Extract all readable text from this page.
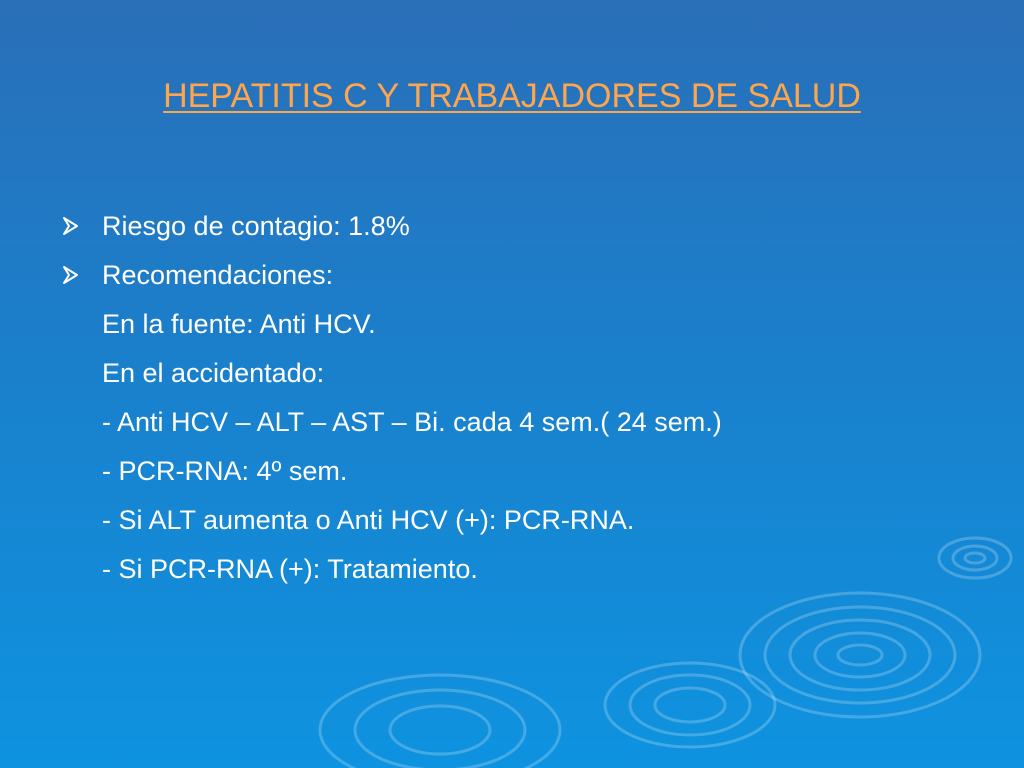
HEPATITIS C Y TRABAJADORES DE SALUD
Riesgo de contagio: 1.8%
Recomendaciones:
En la fuente: Anti HCV.
En el accidentado:
- Anti HCV – ALT – AST – Bi. cada 4 sem.( 24 sem.)
- PCR-RNA: 4º sem.
- Si ALT aumenta o Anti HCV (+): PCR-RNA.
- Si PCR-RNA (+): Tratamiento.
